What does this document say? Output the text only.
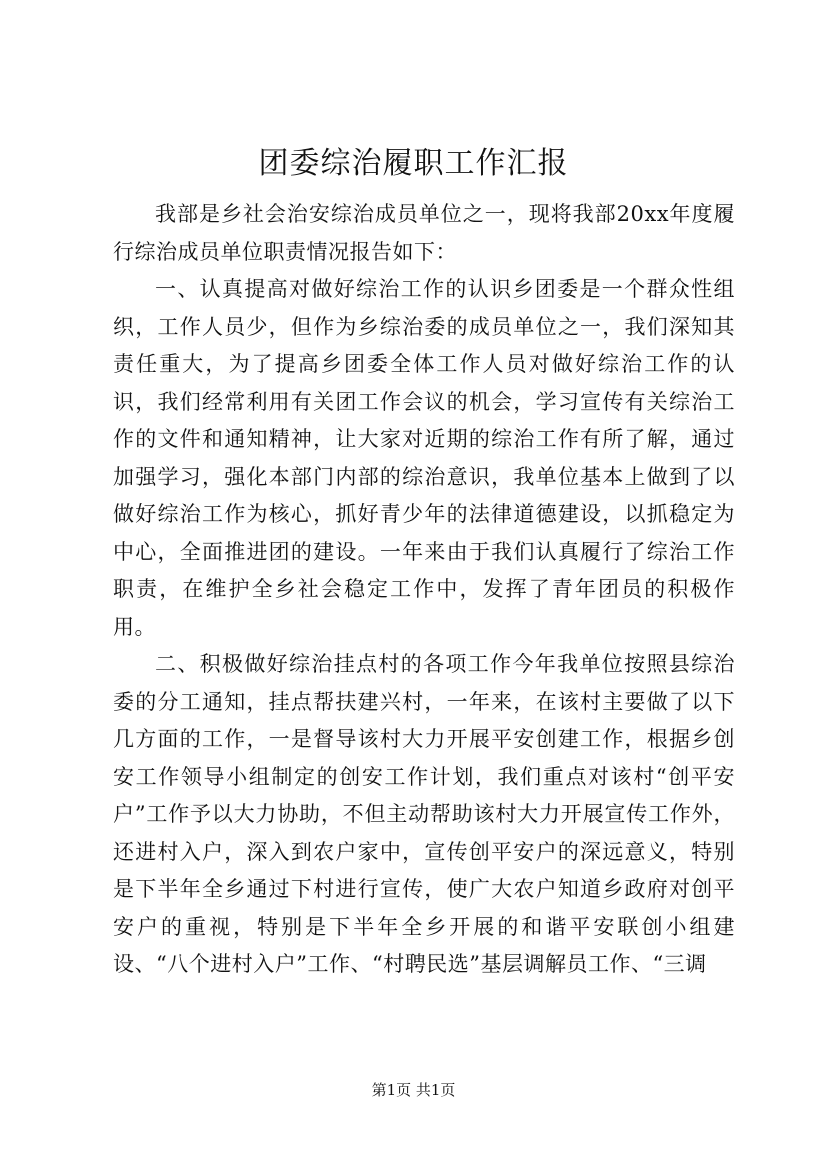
团委综治履职工作汇报

我部是乡社会治安综治成员单位之一，现将我部20xx年度履行综治成员单位职责情况报告如下：

一、认真提高对做好综治工作的认识乡团委是一个群众性组织，工作人员少，但作为乡综治委的成员单位之一，我们深知其责任重大，为了提高乡团委全体工作人员对做好综治工作的认识，我们经常利用有关团工作会议的机会，学习宣传有关综治工作的文件和通知精神，让大家对近期的综治工作有所了解，通过加强学习，强化本部门内部的综治意识，我单位基本上做到了以做好综治工作为核心，抓好青少年的法律道德建设，以抓稳定为中心，全面推进团的建设。一年来由于我们认真履行了综治工作职责，在维护全乡社会稳定工作中，发挥了青年团员的积极作用。

二、积极做好综治挂点村的各项工作今年我单位按照县综治委的分工通知，挂点帮扶建兴村，一年来，在该村主要做了以下几方面的工作，一是督导该村大力开展平安创建工作，根据乡创安工作领导小组制定的创安工作计划，我们重点对该村“创平安户”工作予以大力协助，不但主动帮助该村大力开展宣传工作外，还进村入户，深入到农户家中，宣传创平安户的深远意义，特别是下半年全乡通过下村进行宣传，使广大农户知道乡政府对创平安户的重视，特别是下半年全乡开展的和谐平安联创小组建设、“八个进村入户”工作、“村聘民选”基层调解员工作、“三调

第1页 共1页
